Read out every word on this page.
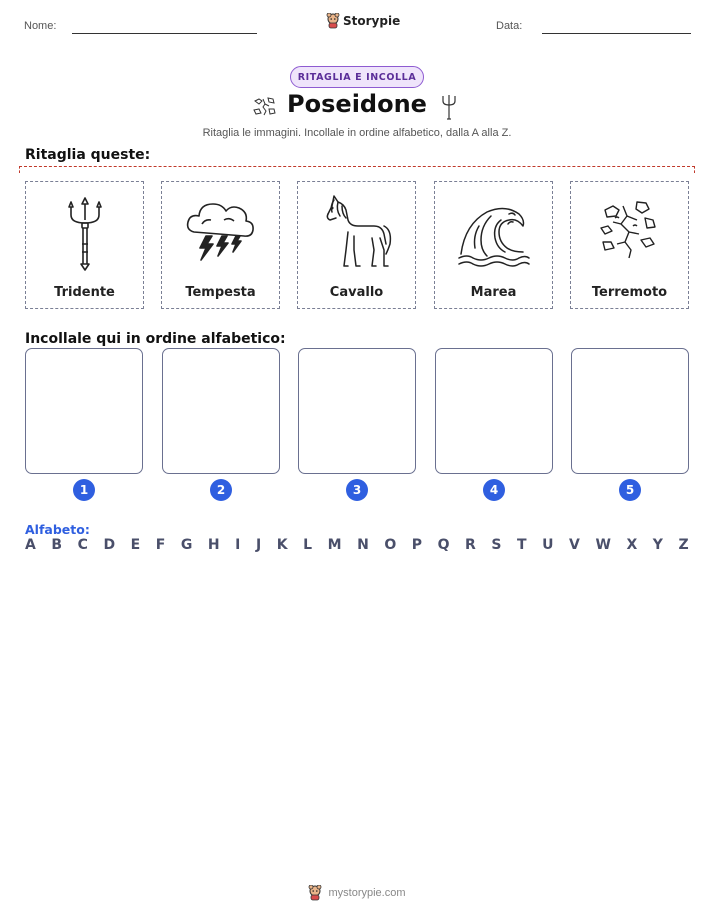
Nome:	Storypie	Data:
RITAGLIA E INCOLLA
Poseidone
Ritaglia le immagini. Incollale in ordine alfabetico, dalla A alla Z.
Ritaglia queste:
Tridente	Tempesta	Cavallo	Marea	Terremoto
Incollale qui in ordine alfabetico:
1	2	3	4	5
Alfabeto:
A B C D E F G H I J K L M N O P Q R S T U V W X Y Z
mystorypie.com
